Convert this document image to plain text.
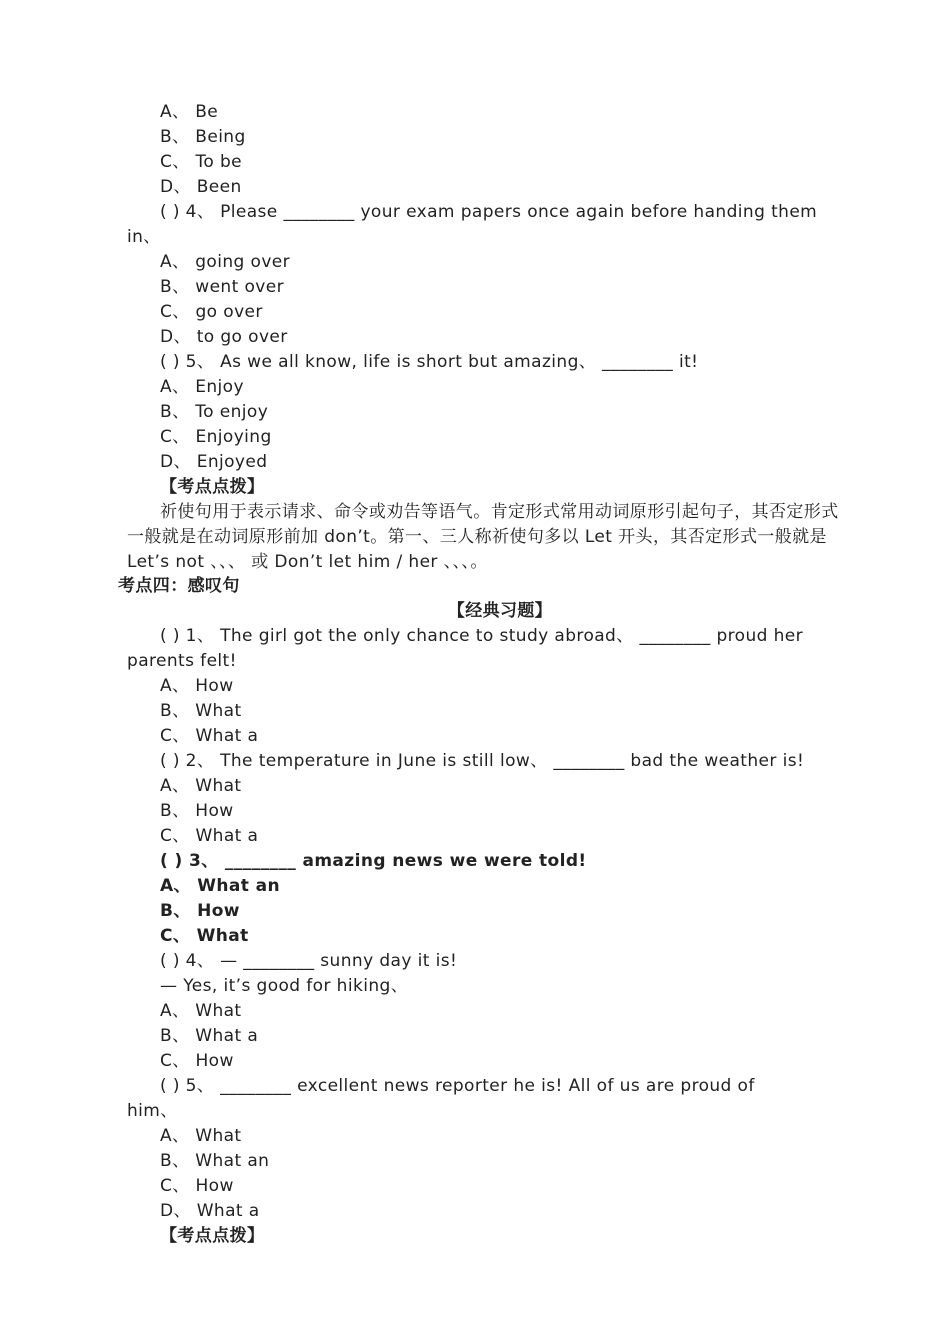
A、 Be
B、 Being
C、 To be
D、 Been
( ) 4、 Please ________ your exam papers once again before handing them
in、
A、 going over
B、 went over
C、 go over
D、 to go over
( ) 5、 As we all know, life is short but amazing、 ________ it!
A、 Enjoy
B、 To enjoy
C、 Enjoying
D、 Enjoyed
【考点点拨】
祈使句用于表示请求、命令或劝告等语气。肯定形式常用动词原形引起句子，其否定形式
一般就是在动词原形前加 don’t。第一、三人称祈使句多以 Let 开头，其否定形式一般就是
Let’s not 、、、 或 Don’t let him / her 、、、。
考点四：感叹句
【经典习题】
( ) 1、 The girl got the only chance to study abroad、 ________ proud her
parents felt!
A、 How
B、 What
C、 What a
( ) 2、 The temperature in June is still low、 ________ bad the weather is!
A、 What
B、 How
C、 What a
( ) 3、 ________ amazing news we were told!
A、 What an
B、 How
C、 What
( ) 4、 — ________ sunny day it is!
— Yes, it’s good for hiking、
A、 What
B、 What a
C、 How
( ) 5、 ________ excellent news reporter he is! All of us are proud of
him、
A、 What
B、 What an
C、 How
D、 What a
【考点点拨】
